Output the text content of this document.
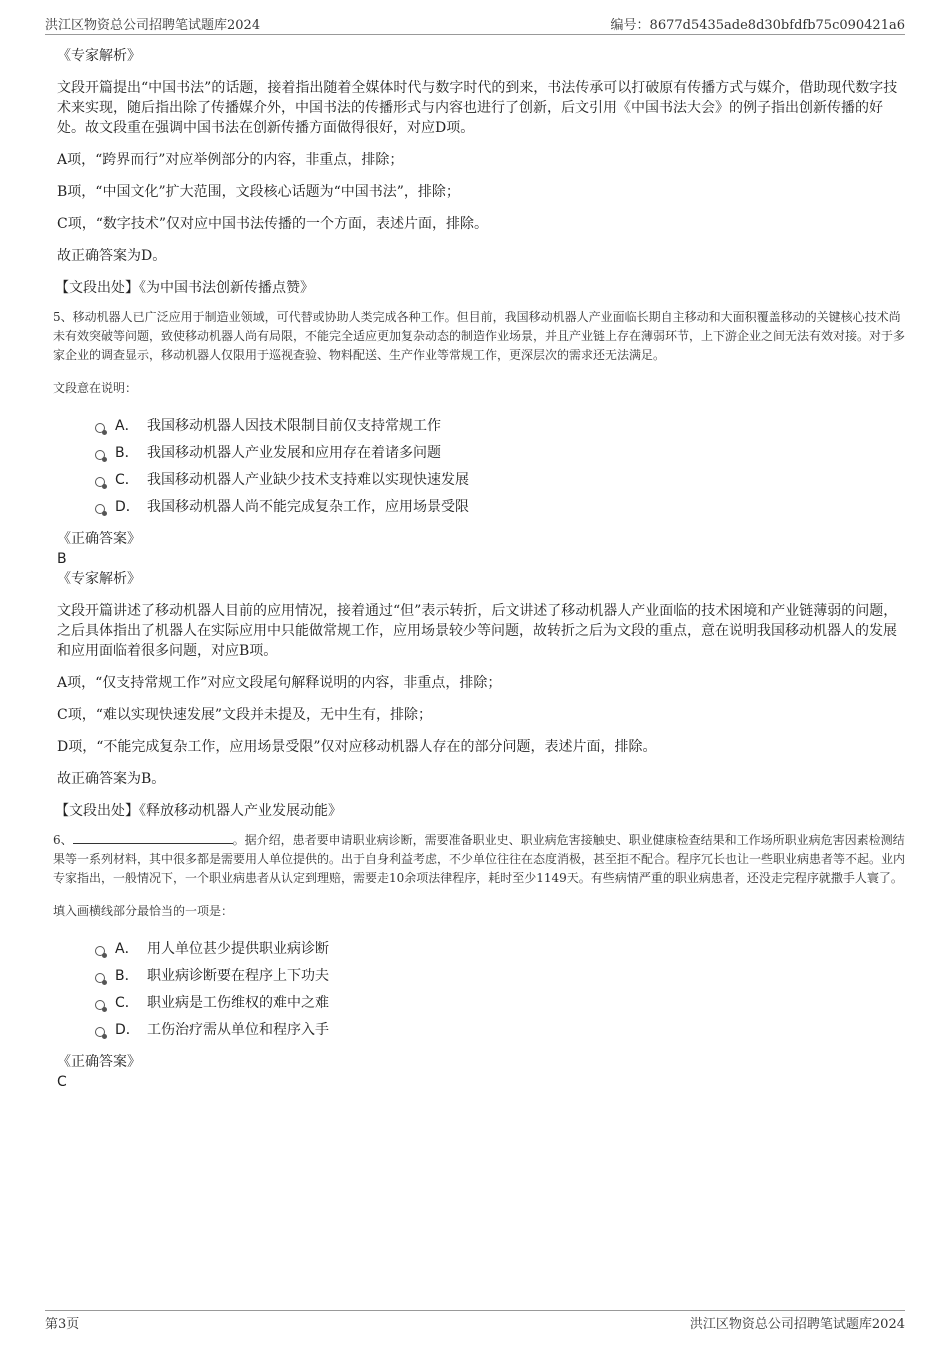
洪江区物资总公司招聘笔试题库2024	编号：8677d5435ade8d30bfdfb75c090421a6
《专家解析》
文段开篇提出“中国书法”的话题，接着指出随着全媒体时代与数字时代的到来，书法传承可以打破原有传播方式与媒介，借助现代数字技术来实现，随后指出除了传播媒介外，中国书法的传播形式与内容也进行了创新，后文引用《中国书法大会》的例子指出创新传播的好处。故文段重在强调中国书法在创新传播方面做得很好，对应D项。
A项，“跨界而行”对应举例部分的内容，非重点，排除；
B项，“中国文化”扩大范围，文段核心话题为“中国书法”，排除；
C项，“数字技术”仅对应中国书法传播的一个方面，表述片面，排除。
故正确答案为D。
【文段出处】《为中国书法创新传播点赞》
5、移动机器人已广泛应用于制造业领域，可代替或协助人类完成各种工作。但目前，我国移动机器人产业面临长期自主移动和大面积覆盖移动的关键核心技术尚未有效突破等问题，致使移动机器人尚有局限，不能完全适应更加复杂动态的制造作业场景，并且产业链上存在薄弱环节，上下游企业之间无法有效对接。对于多家企业的调查显示，移动机器人仅限用于巡视查验、物料配送、生产作业等常规工作，更深层次的需求还无法满足。
文段意在说明：
A． 我国移动机器人因技术限制目前仅支持常规工作
B． 我国移动机器人产业发展和应用存在着诸多问题
C． 我国移动机器人产业缺少技术支持难以实现快速发展
D． 我国移动机器人尚不能完成复杂工作，应用场景受限
《正确答案》
B
《专家解析》
文段开篇讲述了移动机器人目前的应用情况，接着通过“但”表示转折，后文讲述了移动机器人产业面临的技术困境和产业链薄弱的问题，之后具体指出了机器人在实际应用中只能做常规工作，应用场景较少等问题，故转折之后为文段的重点，意在说明我国移动机器人的发展和应用面临着很多问题，对应B项。
A项，“仅支持常规工作”对应文段尾句解释说明的内容，非重点，排除；
C项，“难以实现快速发展”文段并未提及，无中生有，排除；
D项，“不能完成复杂工作，应用场景受限”仅对应移动机器人存在的部分问题，表述片面，排除。
故正确答案为B。
【文段出处】《释放移动机器人产业发展动能》
6、	。据介绍，患者要申请职业病诊断，需要准备职业史、职业病危害接触史、职业健康检查结果和工作场所职业病危害因素检测结果等一系列材料，其中很多都是需要用人单位提供的。出于自身利益考虑，不少单位往往在态度消极，甚至拒不配合。程序冗长也让一些职业病患者等不起。业内专家指出，一般情况下，一个职业病患者从认定到理赔，需要走10余项法律程序，耗时至少1149天。有些病情严重的职业病患者，还没走完程序就撒手人寰了。
填入画横线部分最恰当的一项是：
A． 用人单位甚少提供职业病诊断
B． 职业病诊断要在程序上下功夫
C． 职业病是工伤维权的难中之难
D． 工伤治疗需从单位和程序入手
《正确答案》
C
第3页	洪江区物资总公司招聘笔试题库2024
